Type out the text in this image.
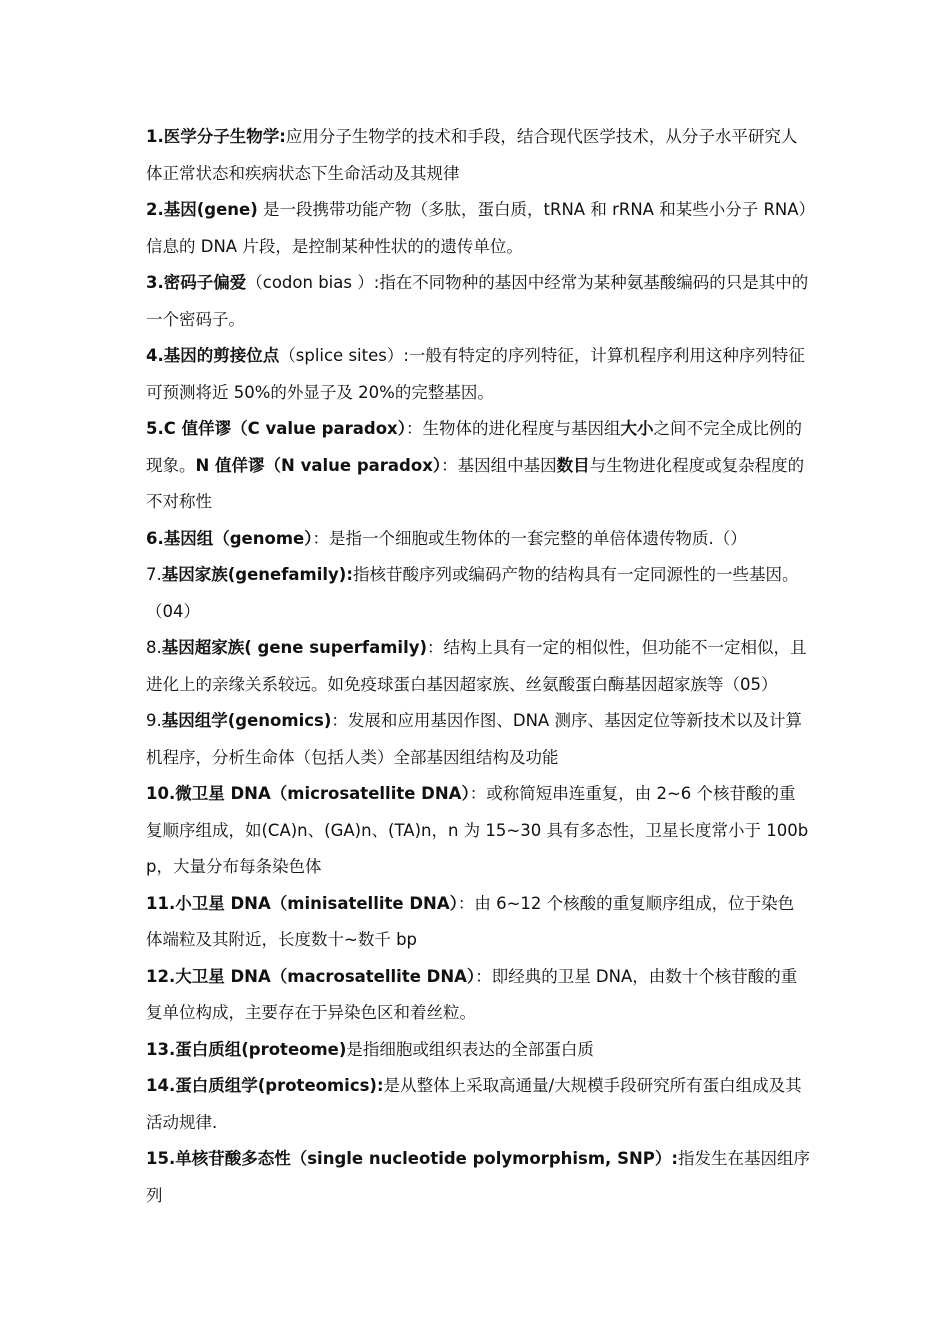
1.医学分子生物学:应用分子生物学的技术和手段，结合现代医学技术，从分子水平研究人体正常状态和疾病状态下生命活动及其规律

2.基因(gene) 是一段携带功能产物（多肽，蛋白质，tRNA 和 rRNA 和某些小分子 RNA）信息的 DNA 片段，是控制某种性状的的遗传单位。

3.密码子偏爱（codon bias ）:指在不同物种的基因中经常为某种氨基酸编码的只是其中的一个密码子。

4.基因的剪接位点（splice sites）:一般有特定的序列特征，计算机程序利用这种序列特征可预测将近 50%的外显子及 20%的完整基因。

5.C 值佯谬（C value paradox）：生物体的进化程度与基因组大小之间不完全成比例的现象。N 值佯谬（N value paradox）：基因组中基因数目与生物进化程度或复杂程度的不对称性

6.基因组（genome）：是指一个细胞或生物体的一套完整的单倍体遗传物质.（）

7.基因家族(genefamily):指核苷酸序列或编码产物的结构具有一定同源性的一些基因。（04）

8.基因超家族( gene superfamily)：结构上具有一定的相似性，但功能不一定相似，且进化上的亲缘关系较远。如免疫球蛋白基因超家族、丝氨酸蛋白酶基因超家族等（05）

9.基因组学(genomics)：发展和应用基因作图、DNA 测序、基因定位等新技术以及计算机程序，分析生命体（包括人类）全部基因组结构及功能

10.微卫星 DNA（microsatellite DNA）：或称简短串连重复，由 2~6 个核苷酸的重复顺序组成，如(CA)n、(GA)n、(TA)n，n 为 15~30 具有多态性，卫星长度常小于 100bp，大量分布每条染色体

11.小卫星 DNA（minisatellite DNA）：由 6~12 个核酸的重复顺序组成，位于染色体端粒及其附近，长度数十~数千 bp

12.大卫星 DNA（macrosatellite DNA）：即经典的卫星 DNA，由数十个核苷酸的重复单位构成，主要存在于异染色区和着丝粒。

13.蛋白质组(proteome)是指细胞或组织表达的全部蛋白质

14.蛋白质组学(proteomics):是从整体上采取高通量/大规模手段研究所有蛋白组成及其活动规律.

15.单核苷酸多态性（single nucleotide polymorphism, SNP）:指发生在基因组序列
